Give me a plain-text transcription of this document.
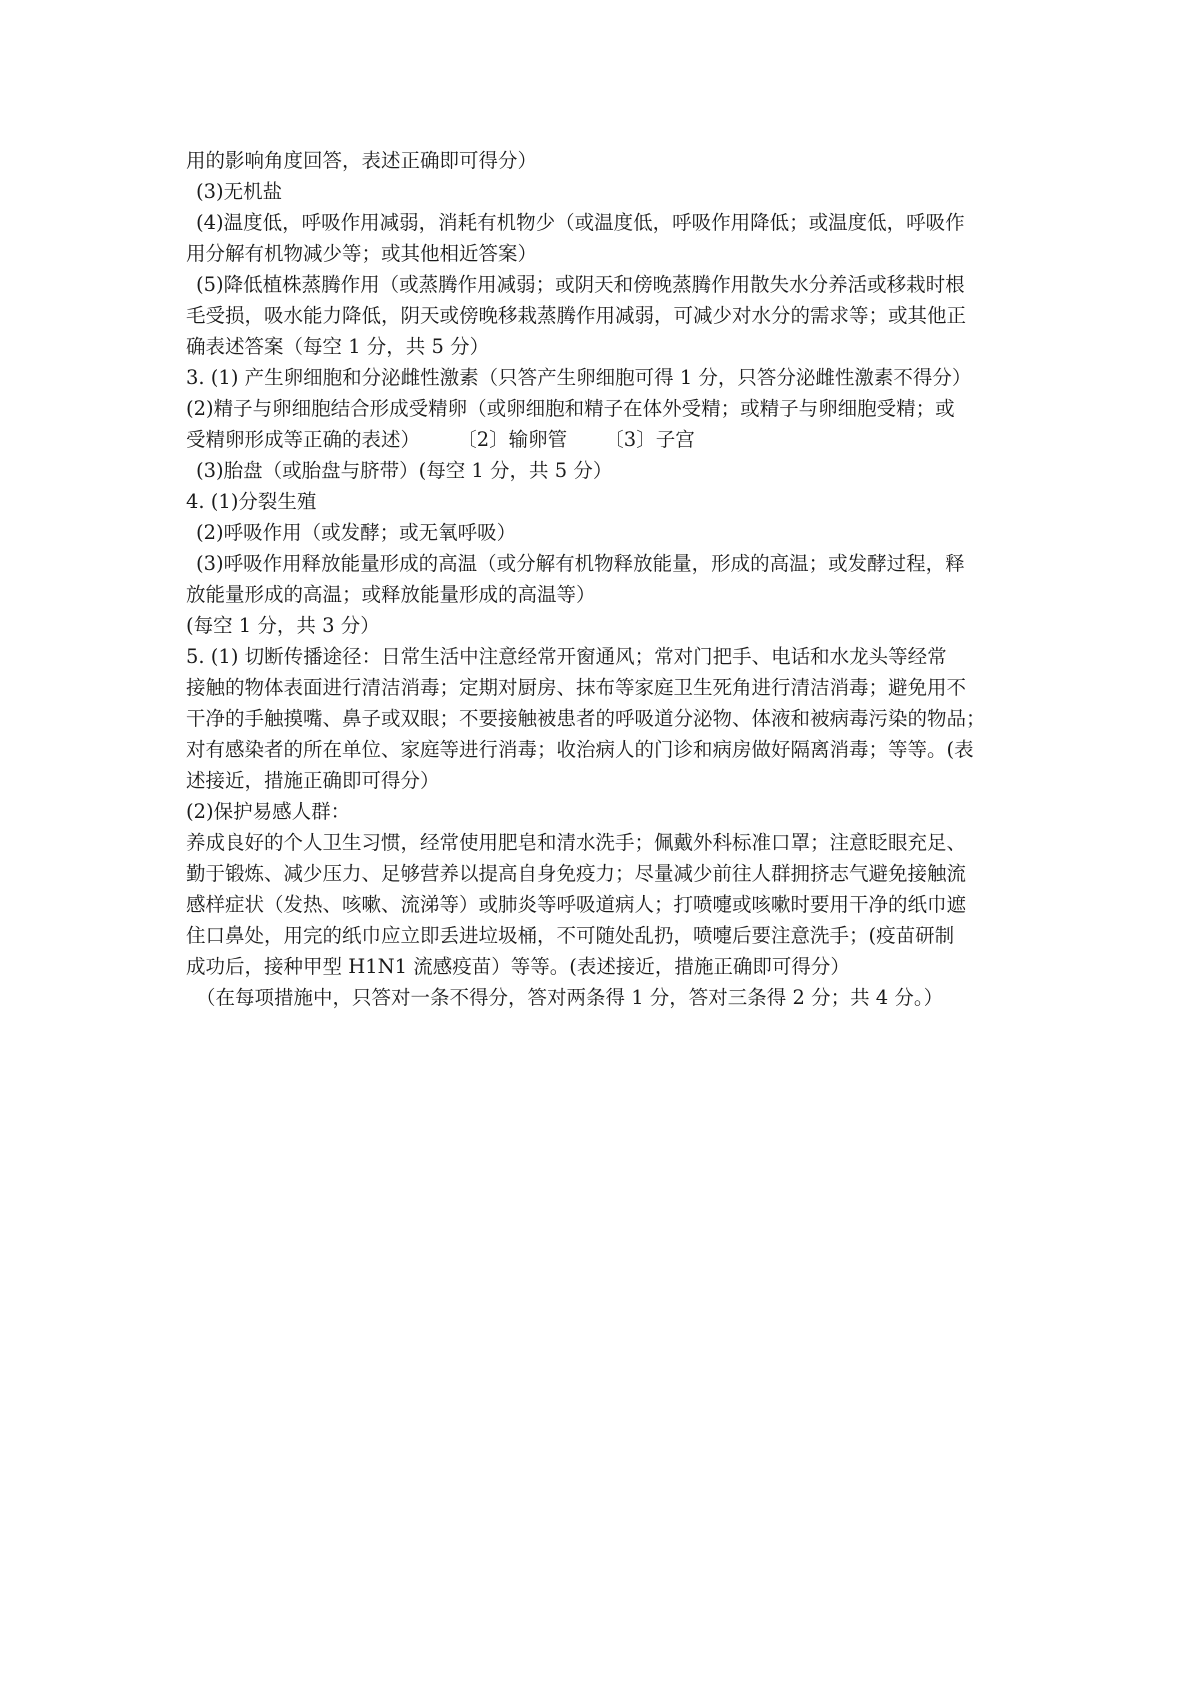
用的影响角度回答，表述正确即可得分）
(3)无机盐
(4)温度低，呼吸作用减弱，消耗有机物少（或温度低，呼吸作用降低；或温度低，呼吸作
用分解有机物减少等；或其他相近答案）
(5)降低植株蒸腾作用（或蒸腾作用减弱；或阴天和傍晚蒸腾作用散失水分养活或移栽时根
毛受损，吸水能力降低，阴天或傍晚移栽蒸腾作用减弱，可减少对水分的需求等；或其他正
确表述答案（每空 1 分，共 5 分）
3. (1) 产生卵细胞和分泌雌性激素（只答产生卵细胞可得 1 分，只答分泌雌性激素不得分）
(2)精子与卵细胞结合形成受精卵（或卵细胞和精子在体外受精；或精子与卵细胞受精；或
受精卵形成等正确的表述）      〔2〕输卵管      〔3〕子宫
(3)胎盘（或胎盘与脐带）(每空 1 分，共 5 分）
4. (1)分裂生殖
(2)呼吸作用（或发酵；或无氧呼吸）
(3)呼吸作用释放能量形成的高温（或分解有机物释放能量，形成的高温；或发酵过程，释
放能量形成的高温；或释放能量形成的高温等）
(每空 1 分，共 3 分）
5. (1) 切断传播途径：日常生活中注意经常开窗通风；常对门把手、电话和水龙头等经常
接触的物体表面进行清洁消毒；定期对厨房、抹布等家庭卫生死角进行清洁消毒；避免用不
干净的手触摸嘴、鼻子或双眼；不要接触被患者的呼吸道分泌物、体液和被病毒污染的物品；
对有感染者的所在单位、家庭等进行消毒；收治病人的门诊和病房做好隔离消毒；等等。(表
述接近，措施正确即可得分）
(2)保护易感人群：
养成良好的个人卫生习惯，经常使用肥皂和清水洗手；佩戴外科标准口罩；注意眨眼充足、
勤于锻炼、减少压力、足够营养以提高自身免疫力；尽量减少前往人群拥挤志气避免接触流
感样症状（发热、咳嗽、流涕等）或肺炎等呼吸道病人；打喷嚏或咳嗽时要用干净的纸巾遮
住口鼻处，用完的纸巾应立即丢进垃圾桶，不可随处乱扔，喷嚏后要注意洗手；(疫苗研制
成功后，接种甲型 H1N1 流感疫苗）等等。(表述接近，措施正确即可得分）
（在每项措施中，只答对一条不得分，答对两条得 1 分，答对三条得 2 分；共 4 分。）
